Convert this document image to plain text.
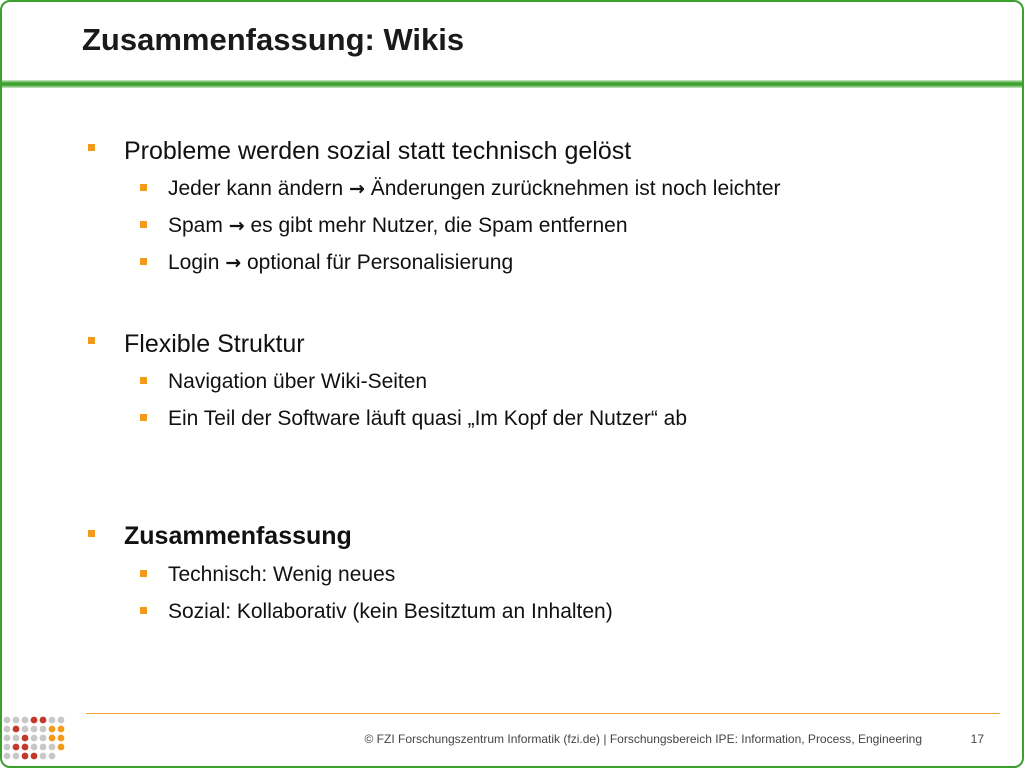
Zusammenfassung: Wikis
Probleme werden sozial statt technisch gelöst
Jeder kann ändern → Änderungen zurücknehmen ist noch leichter
Spam → es gibt mehr Nutzer, die Spam entfernen
Login → optional für Personalisierung
Flexible Struktur
Navigation über Wiki-Seiten
Ein Teil der Software läuft quasi „Im Kopf der Nutzer“ ab
Zusammenfassung
Technisch: Wenig neues
Sozial: Kollaborativ (kein Besitztum an Inhalten)
© FZI Forschungszentrum Informatik (fzi.de) | Forschungsbereich IPE: Information, Process, Engineering	17
